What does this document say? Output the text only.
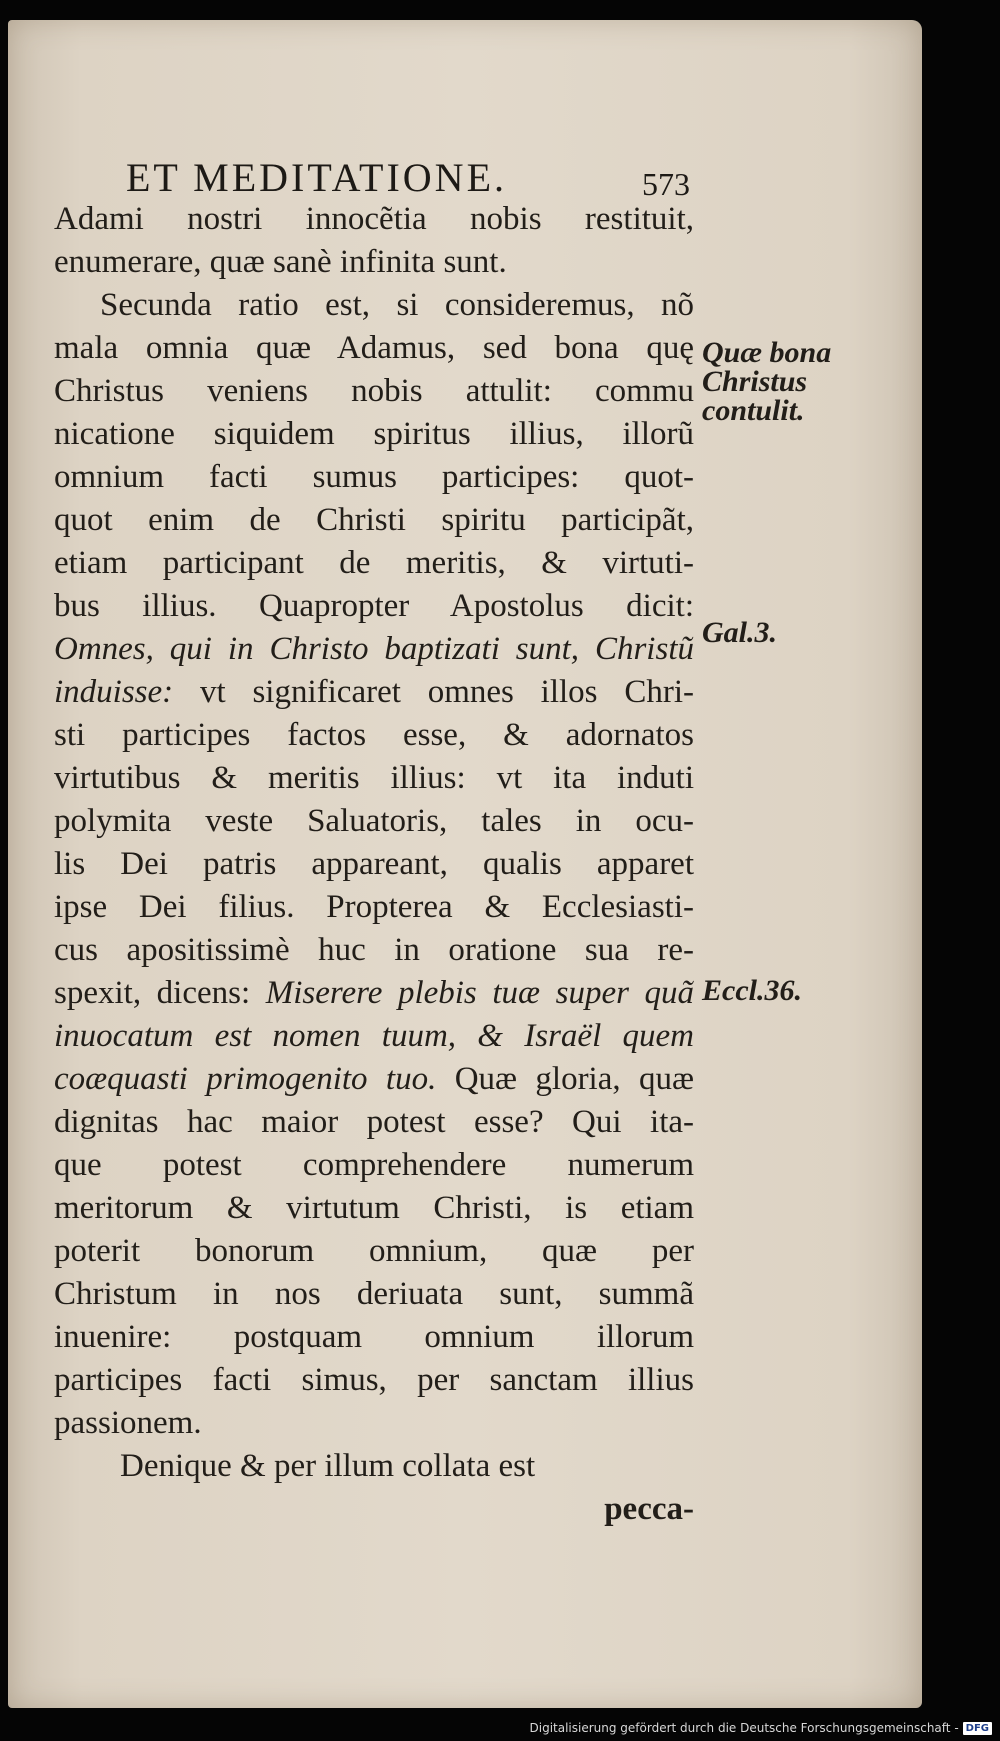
ET MEDITATIONE.	573
Adami nostri innocẽtia nobis restituit,
enumerare, quæ sanè infinita sunt.
Secunda ratio est, si consideremus, nõ
mala omnia quæ Adamus, sed bona quę
Christus veniens nobis attulit: commu
nicatione siquidem spiritus illius, illorũ
omnium facti sumus participes: quot-
quot enim de Christi spiritu participãt,
etiam participant de meritis, & virtuti-
bus illius. Quapropter Apostolus dicit:
Omnes, qui in Christo baptizati sunt, Christũ
induisse: vt significaret omnes illos Chri-
sti participes factos esse, & adornatos
virtutibus & meritis illius: vt ita induti
polymita veste Saluatoris, tales in ocu-
lis Dei patris appareant, qualis apparet
ipse Dei filius. Propterea & Ecclesiasti-
cus apositissimè huc in oratione sua re-
spexit, dicens: Miserere plebis tuæ super quã
inuocatum est nomen tuum, & Israël quem
coæquasti primogenito tuo. Quæ gloria, quæ
dignitas hac maior potest esse? Qui ita-
que potest comprehendere numerum
meritorum & virtutum Christi, is etiam
poterit bonorum omnium, quæ per
Christum in nos deriuata sunt, summã
inuenire: postquam omnium illorum
participes facti simus, per sanctam illius
passionem.
Denique & per illum collata est
pecca-
Quæ bona
Christus
contulit.
Gal.3.
Eccl.36.
Digitalisierung gefördert durch die Deutsche Forschungsgemeinschaft - DFG
